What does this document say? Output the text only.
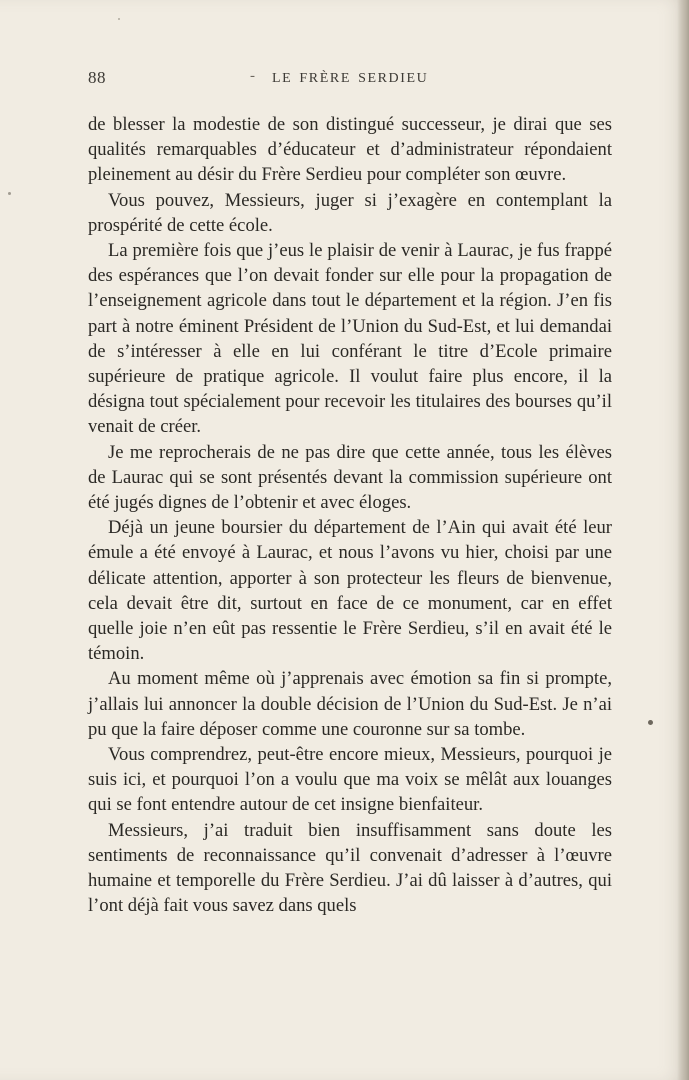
88	- LE FRÈRE SERDIEU

de blesser la modestie de son distingué successeur, je dirai que ses qualités remarquables d’éducateur et d’administrateur répondaient pleinement au désir du Frère Serdieu pour compléter son œuvre.

Vous pouvez, Messieurs, juger si j’exagère en contemplant la prospérité de cette école.

La première fois que j’eus le plaisir de venir à Laurac, je fus frappé des espérances que l’on devait fonder sur elle pour la propagation de l’enseignement agricole dans tout le département et la région. J’en fis part à notre éminent Président de l’Union du Sud-Est, et lui demandai de s’intéresser à elle en lui conférant le titre d’Ecole primaire supérieure de pratique agricole. Il voulut faire plus encore, il la désigna tout spécialement pour recevoir les titulaires des bourses qu’il venait de créer.

Je me reprocherais de ne pas dire que cette année, tous les élèves de Laurac qui se sont présentés devant la commission supérieure ont été jugés dignes de l’obtenir et avec éloges.

Déjà un jeune boursier du département de l’Ain qui avait été leur émule a été envoyé à Laurac, et nous l’avons vu hier, choisi par une délicate attention, apporter à son protecteur les fleurs de bienvenue, cela devait être dit, surtout en face de ce monument, car en effet quelle joie n’en eût pas ressentie le Frère Serdieu, s’il en avait été le témoin.

Au moment même où j’apprenais avec émotion sa fin si prompte, j’allais lui annoncer la double décision de l’Union du Sud-Est. Je n’ai pu que la faire déposer comme une couronne sur sa tombe.

Vous comprendrez, peut-être encore mieux, Messieurs, pourquoi je suis ici, et pourquoi l’on a voulu que ma voix se mêlât aux louanges qui se font entendre autour de cet insigne bienfaiteur.

Messieurs, j’ai traduit bien insuffisamment sans doute les sentiments de reconnaissance qu’il convenait d’adresser à l’œuvre humaine et temporelle du Frère Serdieu. J’ai dû laisser à d’autres, qui l’ont déjà fait vous savez dans quels
